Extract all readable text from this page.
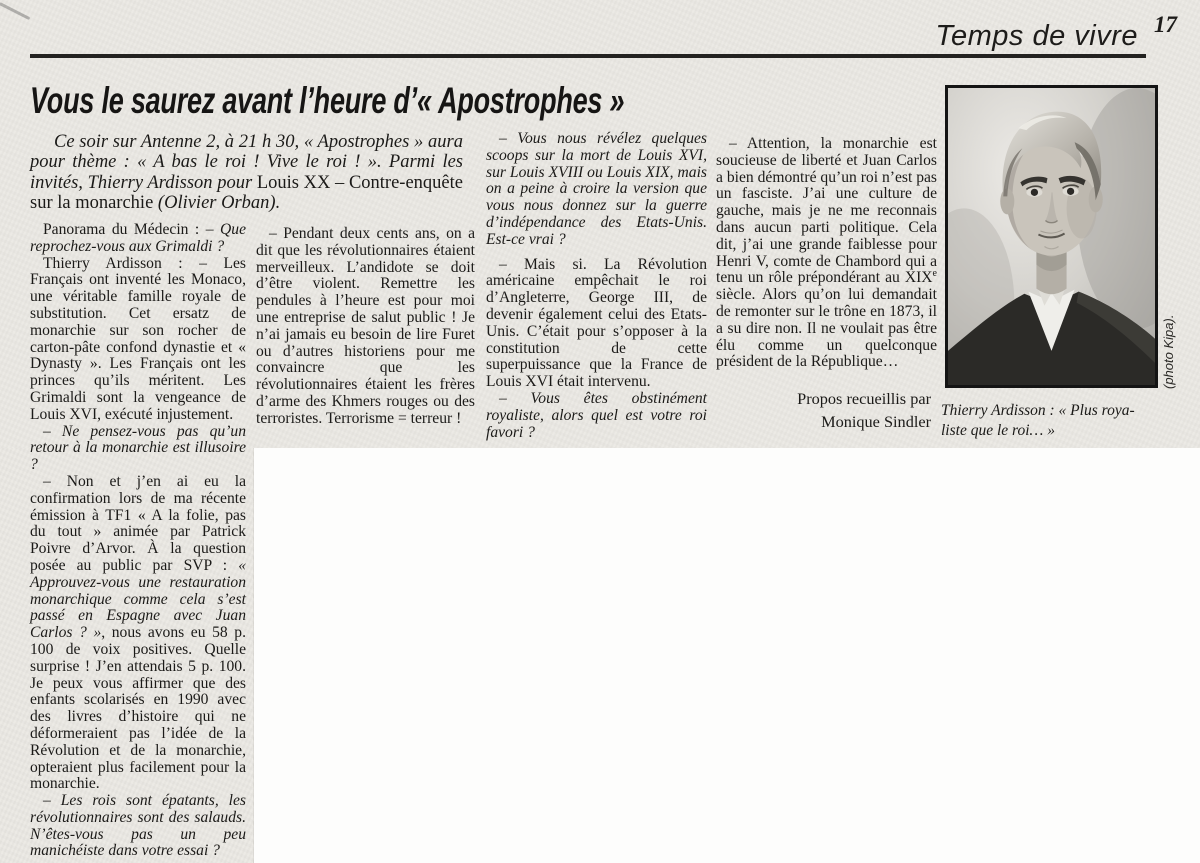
Temps de vivre 17
Vous le saurez avant l’heure d’« Apostrophes »
Ce soir sur Antenne 2, à 21 h 30, « Apostrophes » aura pour thème : « A bas le roi ! Vive le roi ! ». Parmi les invités, Thierry Ardisson pour Louis XX – Contre-enquête sur la monarchie (Olivier Orban).

Panorama du Médecin : – Que reprochez-vous aux Grimaldi ?

Thierry Ardisson : – Les Français ont inventé les Monaco, une véritable famille royale de substitution. Cet ersatz de monarchie sur son rocher de carton-pâte confond dynastie et « Dynasty ». Les Français ont les princes qu’ils méritent. Les Grimaldi sont la vengeance de Louis XVI, exécuté injustement.

– Ne pensez-vous pas qu’un retour à la monarchie est illusoire ?

– Non et j’en ai eu la confirmation lors de ma récente émission à TF1 « A la folie, pas du tout » animée par Patrick Poivre d’Arvor. À la question posée au public par SVP : « Approuvez-vous une restauration monarchique comme cela s’est passé en Espagne avec Juan Carlos ? », nous avons eu 58 p. 100 de voix positives. Quelle surprise ! J’en attendais 5 p. 100. Je peux vous affirmer que des enfants scolarisés en 1990 avec des livres d’histoire qui ne déformeraient pas l’idée de la Révolution et de la monarchie, opteraient plus facilement pour la monarchie.

– Les rois sont épatants, les révolutionnaires sont des salauds. N’êtes-vous pas un peu manichéiste dans votre essai ?

– Pendant deux cents ans, on a dit que les révolutionnaires étaient merveilleux. L’andidote se doit d’être violent. Remettre les pendules à l’heure est pour moi une entreprise de salut public ! Je n’ai jamais eu besoin de lire Furet ou d’autres historiens pour me convaincre que les révolutionnaires étaient les frères d’arme des Khmers rouges ou des terroristes. Terrorisme = terreur !

– Vous nous révélez quelques scoops sur la mort de Louis XVI, sur Louis XVIII ou Louis XIX, mais on a peine à croire la version que vous nous donnez sur la guerre d’indépendance des Etats-Unis. Est-ce vrai ?

– Mais si. La Révolution américaine empêchait le roi d’Angleterre, George III, de devenir également celui des Etats-Unis. C’était pour s’opposer à la constitution de cette superpuissance que la France de Louis XVI était intervenu.

– Vous êtes obstinément royaliste, alors quel est votre roi favori ?

– Attention, la monarchie est soucieuse de liberté et Juan Carlos a bien démontré qu’un roi n’est pas un fasciste. J’ai une culture de gauche, mais je ne me reconnais dans aucun parti politique. Cela dit, j’ai une grande faiblesse pour Henri V, comte de Chambord qui a tenu un rôle prépondérant au XIXe siècle. Alors qu’on lui demandait de remonter sur le trône en 1873, il a su dire non. Il ne voulait pas être élu comme un quelconque président de la République…

Propos recueillis par
Monique Sindler
(photo Kipa).
Thierry Ardisson : « Plus roya-
liste que le roi… »
